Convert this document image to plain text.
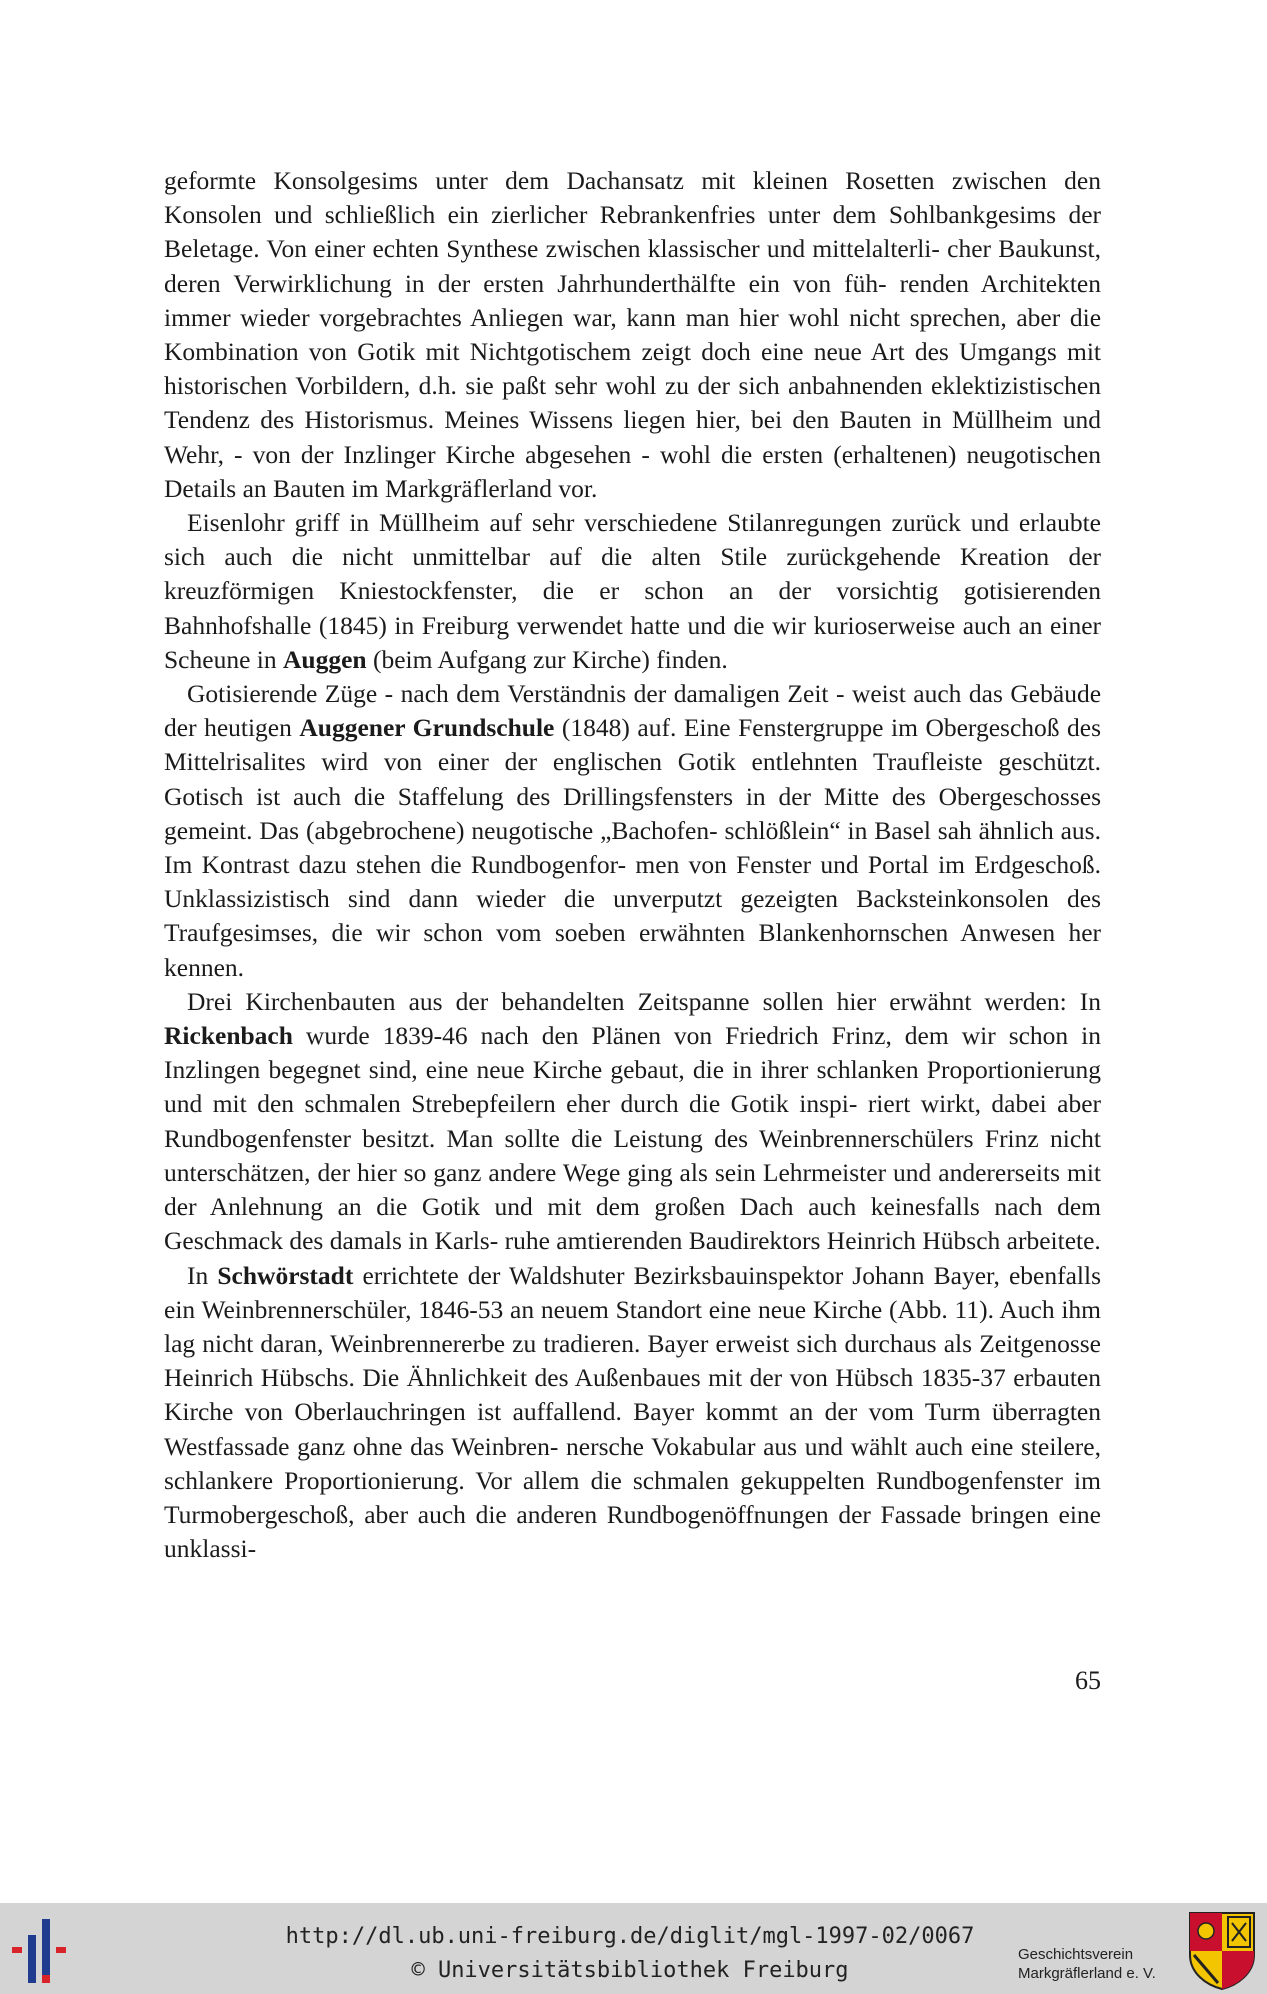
geformte Konsolgesims unter dem Dachansatz mit kleinen Rosetten zwischen den Konsolen und schließlich ein zierlicher Rebrankenfries unter dem Sohlbankgesims der Beletage. Von einer echten Synthese zwischen klassischer und mittelalterli- cher Baukunst, deren Verwirklichung in der ersten Jahrhunderthälfte ein von füh- renden Architekten immer wieder vorgebrachtes Anliegen war, kann man hier wohl nicht sprechen, aber die Kombination von Gotik mit Nichtgotischem zeigt doch eine neue Art des Umgangs mit historischen Vorbildern, d.h. sie paßt sehr wohl zu der sich anbahnenden eklektizistischen Tendenz des Historismus. Meines Wissens liegen hier, bei den Bauten in Müllheim und Wehr, - von der Inzlinger Kirche abgesehen - wohl die ersten (erhaltenen) neugotischen Details an Bauten im Markgräflerland vor.

Eisenlohr griff in Müllheim auf sehr verschiedene Stilanregungen zurück und erlaubte sich auch die nicht unmittelbar auf die alten Stile zurückgehende Kreation der kreuzförmigen Kniestockfenster, die er schon an der vorsichtig gotisierenden Bahnhofshalle (1845) in Freiburg verwendet hatte und die wir kurioserweise auch an einer Scheune in Auggen (beim Aufgang zur Kirche) finden.

Gotisierende Züge - nach dem Verständnis der damaligen Zeit - weist auch das Gebäude der heutigen Auggener Grundschule (1848) auf. Eine Fenstergruppe im Obergeschoß des Mittelrisalites wird von einer der englischen Gotik entlehnten Traufleiste geschützt. Gotisch ist auch die Staffelung des Drillingsfensters in der Mitte des Obergeschosses gemeint. Das (abgebrochene) neugotische „Bachofen- schlößlein“ in Basel sah ähnlich aus. Im Kontrast dazu stehen die Rundbogenfor- men von Fenster und Portal im Erdgeschoß. Unklassizistisch sind dann wieder die unverputzt gezeigten Backsteinkonsolen des Traufgesimses, die wir schon vom soeben erwähnten Blankenhornschen Anwesen her kennen.

Drei Kirchenbauten aus der behandelten Zeitspanne sollen hier erwähnt werden: In Rickenbach wurde 1839-46 nach den Plänen von Friedrich Frinz, dem wir schon in Inzlingen begegnet sind, eine neue Kirche gebaut, die in ihrer schlanken Proportionierung und mit den schmalen Strebepfeilern eher durch die Gotik inspi- riert wirkt, dabei aber Rundbogenfenster besitzt. Man sollte die Leistung des Weinbrennerschülers Frinz nicht unterschätzen, der hier so ganz andere Wege ging als sein Lehrmeister und andererseits mit der Anlehnung an die Gotik und mit dem großen Dach auch keinesfalls nach dem Geschmack des damals in Karls- ruhe amtierenden Baudirektors Heinrich Hübsch arbeitete.

In Schwörstadt errichtete der Waldshuter Bezirksbauinspektor Johann Bayer, ebenfalls ein Weinbrennerschüler, 1846-53 an neuem Standort eine neue Kirche (Abb. 11). Auch ihm lag nicht daran, Weinbrennererbe zu tradieren. Bayer erweist sich durchaus als Zeitgenosse Heinrich Hübschs. Die Ähnlichkeit des Außenbaues mit der von Hübsch 1835-37 erbauten Kirche von Oberlauchringen ist auffallend. Bayer kommt an der vom Turm überragten Westfassade ganz ohne das Weinbren- nersche Vokabular aus und wählt auch eine steilere, schlankere Proportionierung. Vor allem die schmalen gekuppelten Rundbogenfenster im Turmobergeschoß, aber auch die anderen Rundbogenöffnungen der Fassade bringen eine unklassi-

65
http://dl.ub.uni-freiburg.de/diglit/mgl-1997-02/0067
© Universitätsbibliothek Freiburg
Geschichtsverein
Markgräflerland e. V.
